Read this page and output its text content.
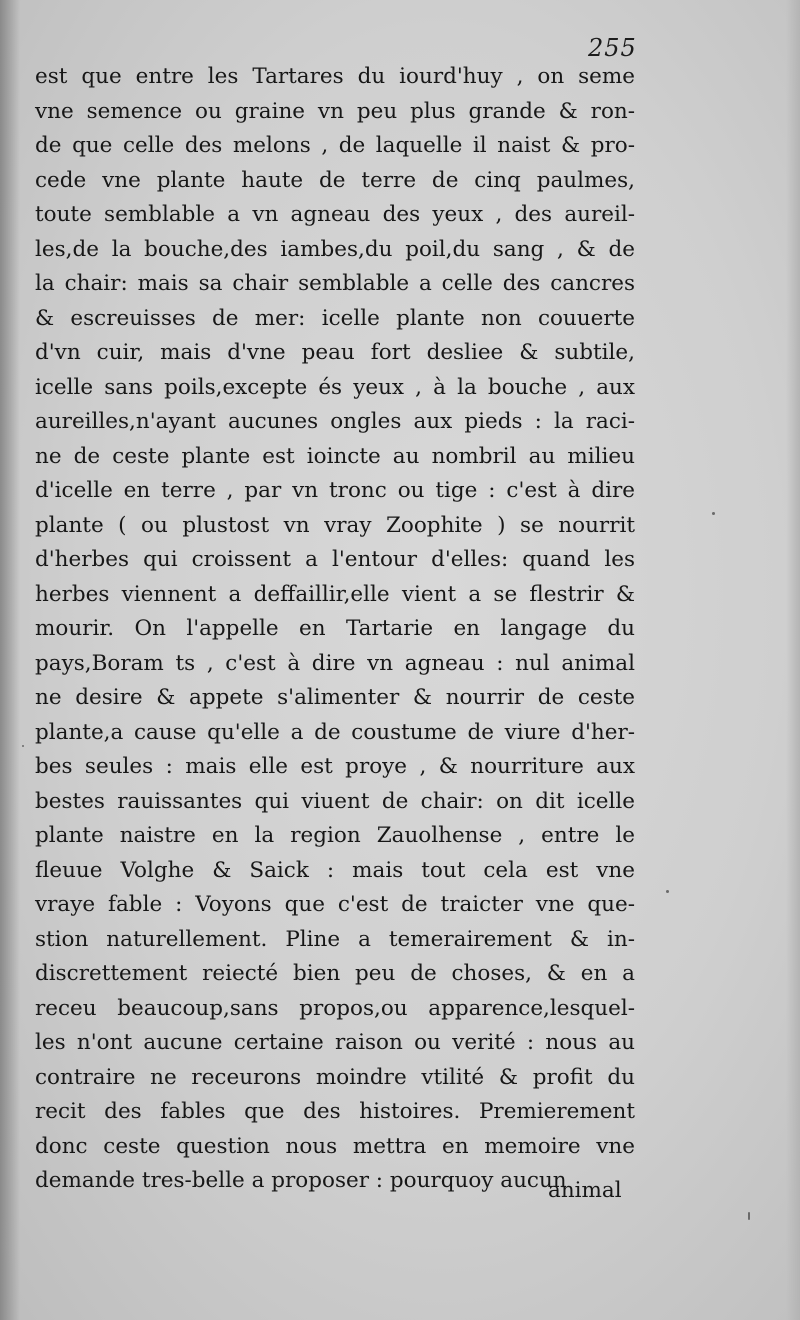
255
est que entre les Tartares du iourd'huy , on seme
vne semence ou graine vn peu plus grande & ron-
de que celle des melons , de laquelle il naist & pro-
cede vne plante haute de terre de cinq paulmes,
toute semblable a vn agneau des yeux , des aureil-
les,de la bouche,des iambes,du poil,du sang , & de
la chair: mais sa chair semblable a celle des cancres
& escreuisses de mer: icelle plante non couuerte
d'vn cuir, mais d'vne peau fort desliee & subtile,
icelle sans poils,excepte és yeux , à la bouche , aux
aureilles,n'ayant aucunes ongles aux pieds : la raci-
ne de ceste plante est ioincte au nombril au milieu
d'icelle en terre , par vn tronc ou tige : c'est à dire
plante ( ou plustost vn vray Zoophite ) se nourrit
d'herbes qui croissent a l'entour d'elles: quand les
herbes viennent a deffaillir,elle vient a se flestrir &
mourir. On l'appelle en Tartarie en langage du
pays,Boram ts , c'est à dire vn agneau : nul animal
ne desire & appete s'alimenter & nourrir de ceste
plante,a cause qu'elle a de coustume de viure d'her-
bes seules : mais elle est proye , & nourriture aux
bestes rauissantes qui viuent de chair: on dit icelle
plante naistre en la region Zauolhense , entre le
fleuue Volghe & Saick : mais tout cela est vne
vraye fable : Voyons que c'est de traicter vne que-
stion naturellement. Pline a temerairement & in-
discrettement reiecté bien peu de choses, & en a
receu beaucoup,sans propos,ou apparence,lesquel-
les n'ont aucune certaine raison ou verité : nous au
contraire ne receurons moindre vtilité & profit du
recit des fables que des histoires. Premierement
donc ceste question nous mettra en memoire vne
demande tres-belle a proposer : pourquoy aucun
animal
